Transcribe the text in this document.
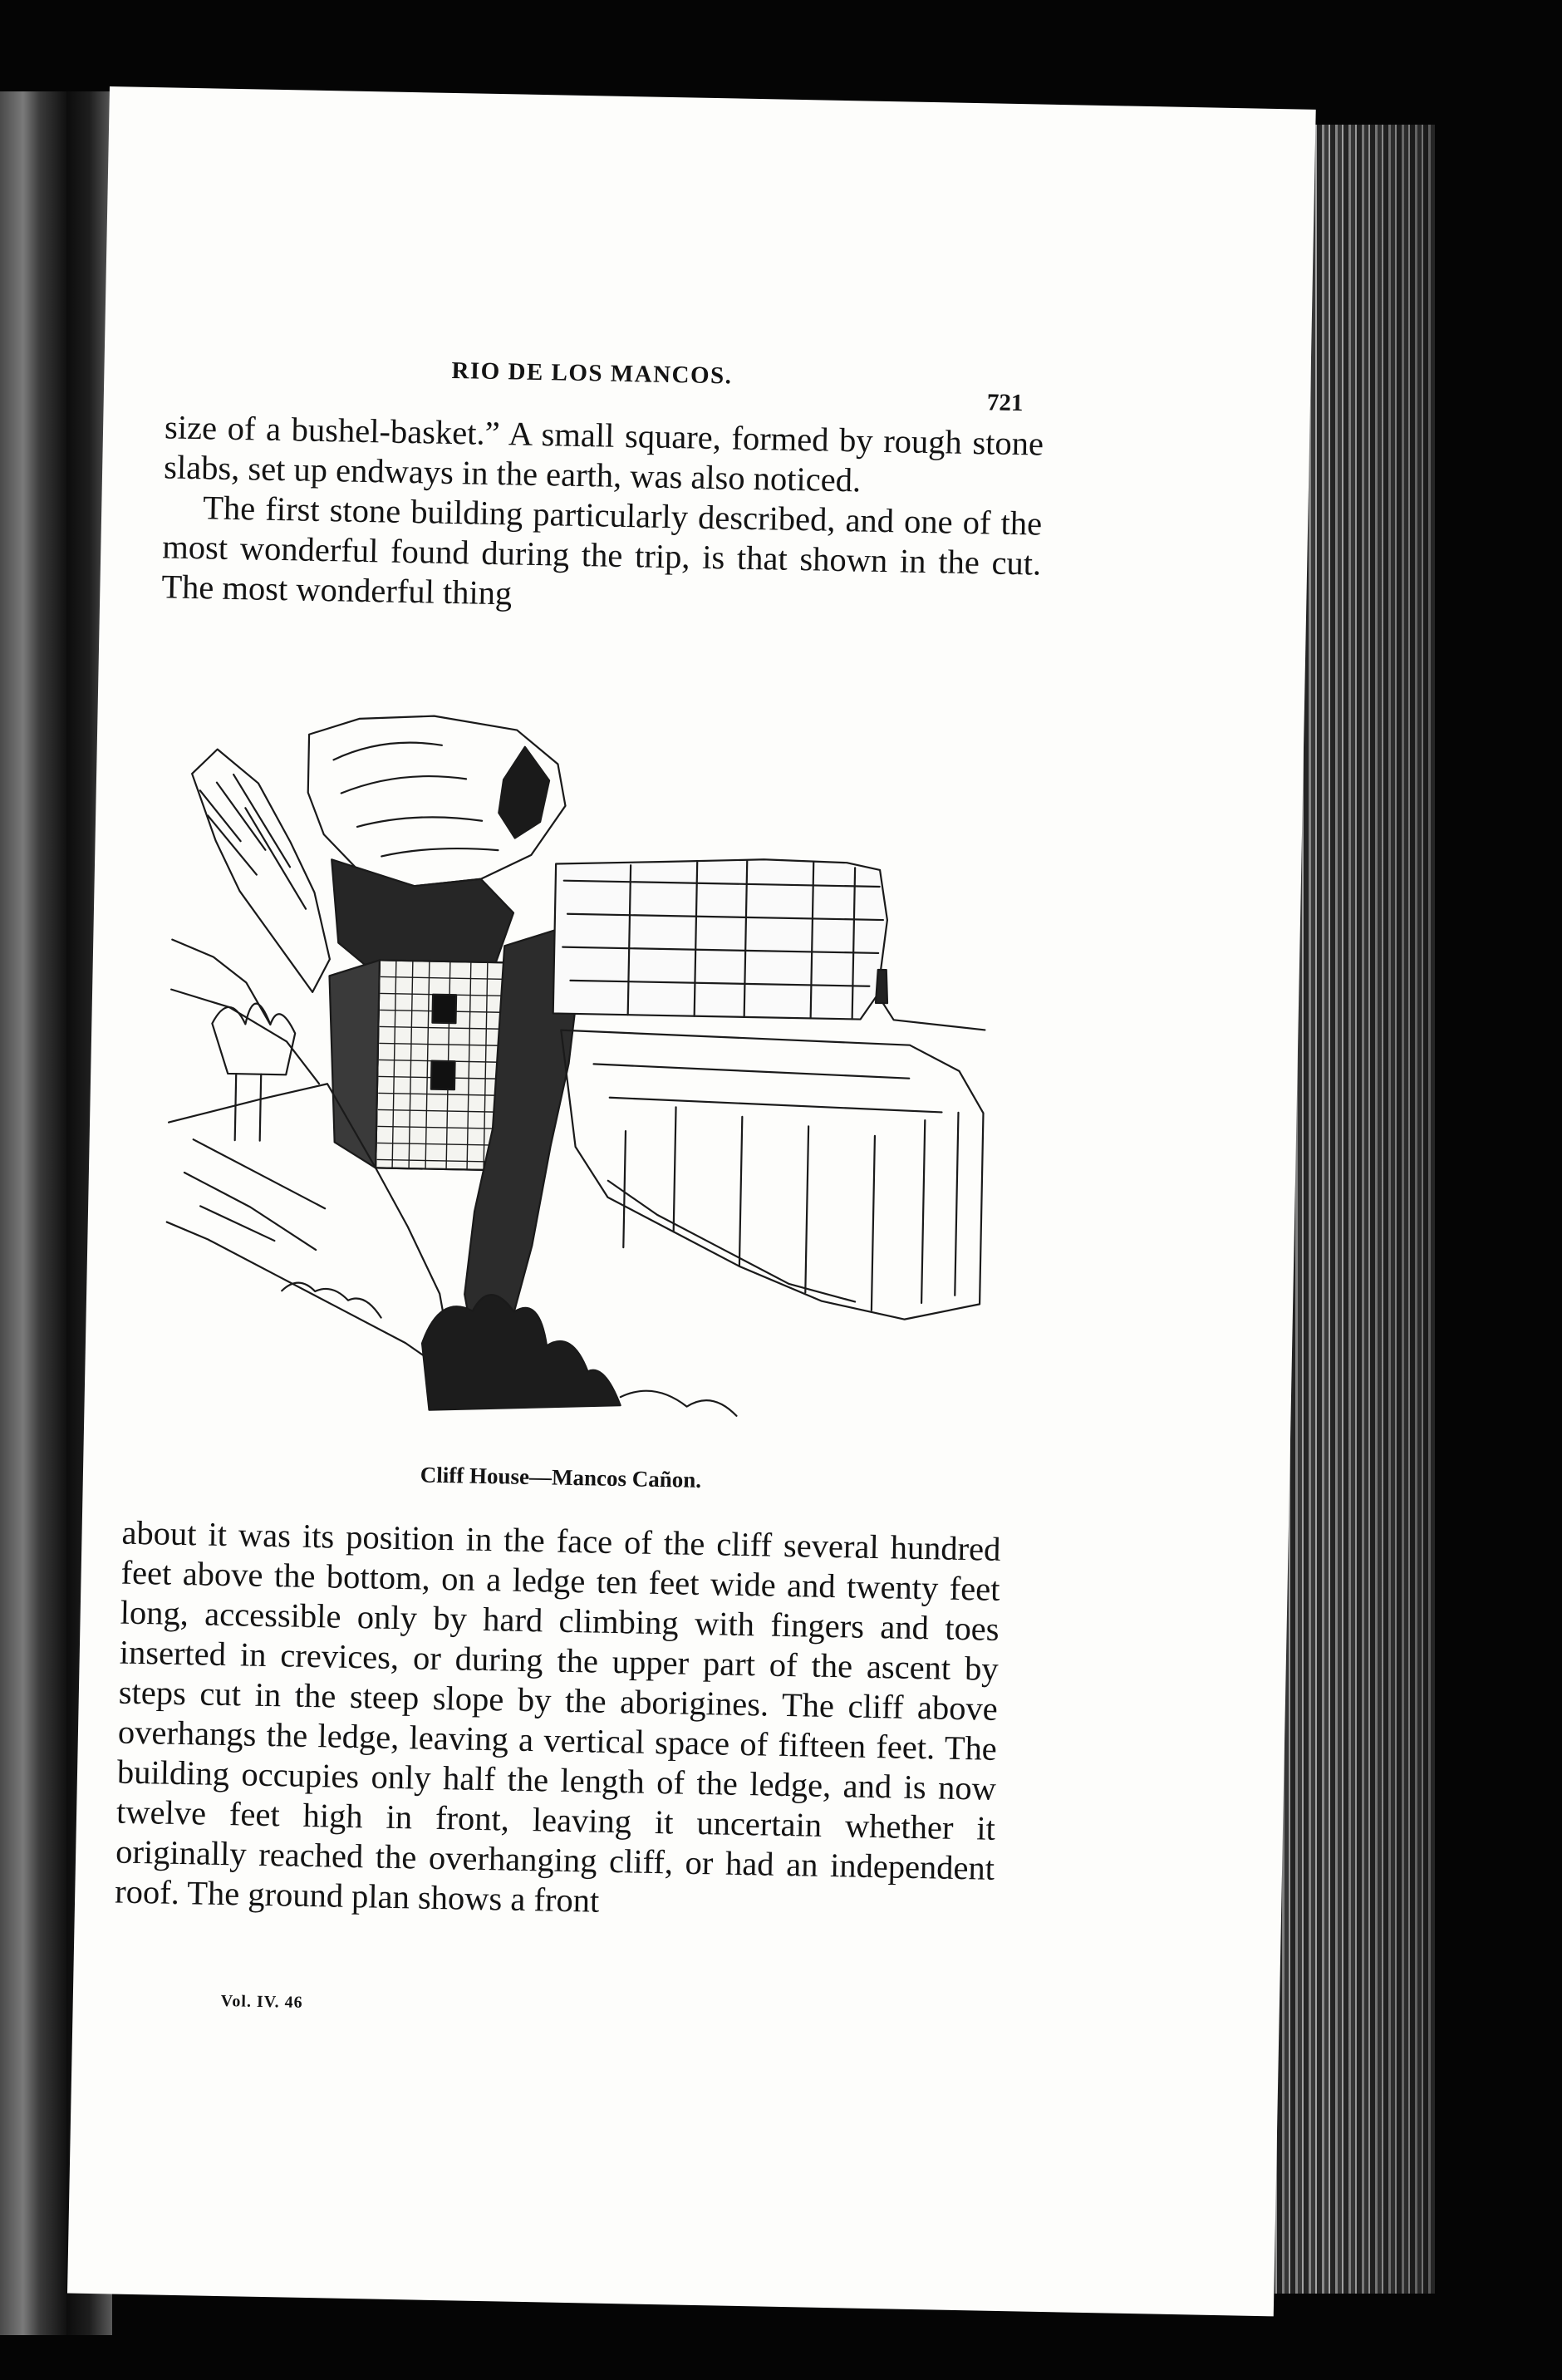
RIO DE LOS MANCOS.
721

size of a bushel-basket.” A small square, formed by rough stone slabs, set up endways in the earth, was also noticed.

The first stone building particularly described, and one of the most wonderful found during the trip, is that shown in the cut. The most wonderful thing

Cliff House—Mancos Cañon.

about it was its position in the face of the cliff several hundred feet above the bottom, on a ledge ten feet wide and twenty feet long, accessible only by hard climbing with fingers and toes inserted in crevices, or during the upper part of the ascent by steps cut in the steep slope by the aborigines. The cliff above overhangs the ledge, leaving a vertical space of fifteen feet. The building occupies only half the length of the ledge, and is now twelve feet high in front, leaving it uncertain whether it originally reached the overhanging cliff, or had an independent roof. The ground plan shows a front

Vol. IV. 46
